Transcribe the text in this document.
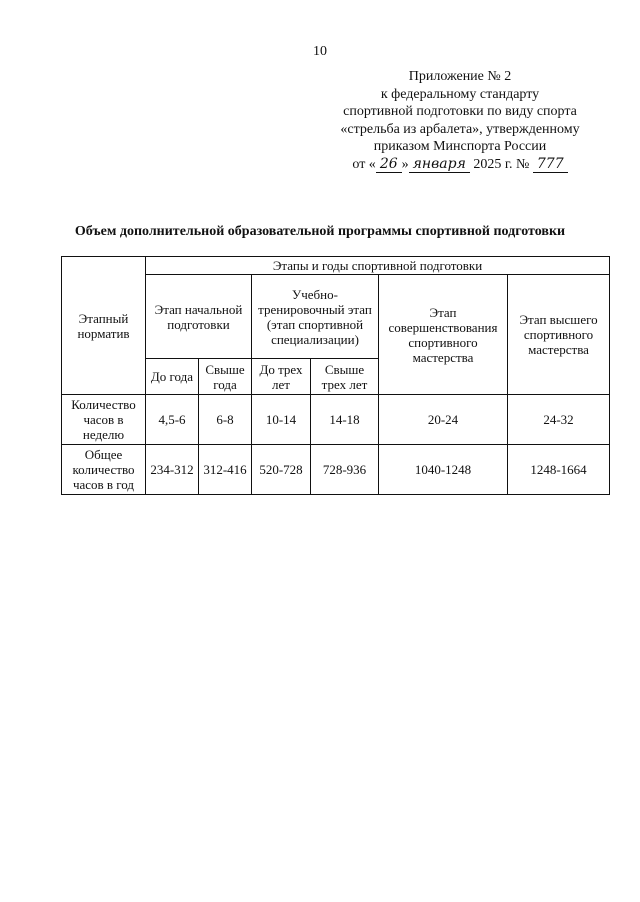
10
Приложение № 2
к федеральному стандарту
спортивной подготовки по виду спорта
«стрельба из арбалета», утвержденному
приказом Минспорта России
от « 26 » января 2025 г. № 777
Объем дополнительной образовательной программы спортивной подготовки
Этапный норматив	Этапы и годы спортивной подготовки					
	Этап начальной подготовки		Учебно-тренировочный этап (этап спортивной специализации)		Этап совершенствования спортивного мастерства	Этап высшего спортивного мастерства
	До года	Свыше года	До трех лет	Свыше трех лет		
Количество часов в неделю	4,5-6	6-8	10-14	14-18	20-24	24-32
Общее количество часов в год	234-312	312-416	520-728	728-936	1040-1248	1248-1664
